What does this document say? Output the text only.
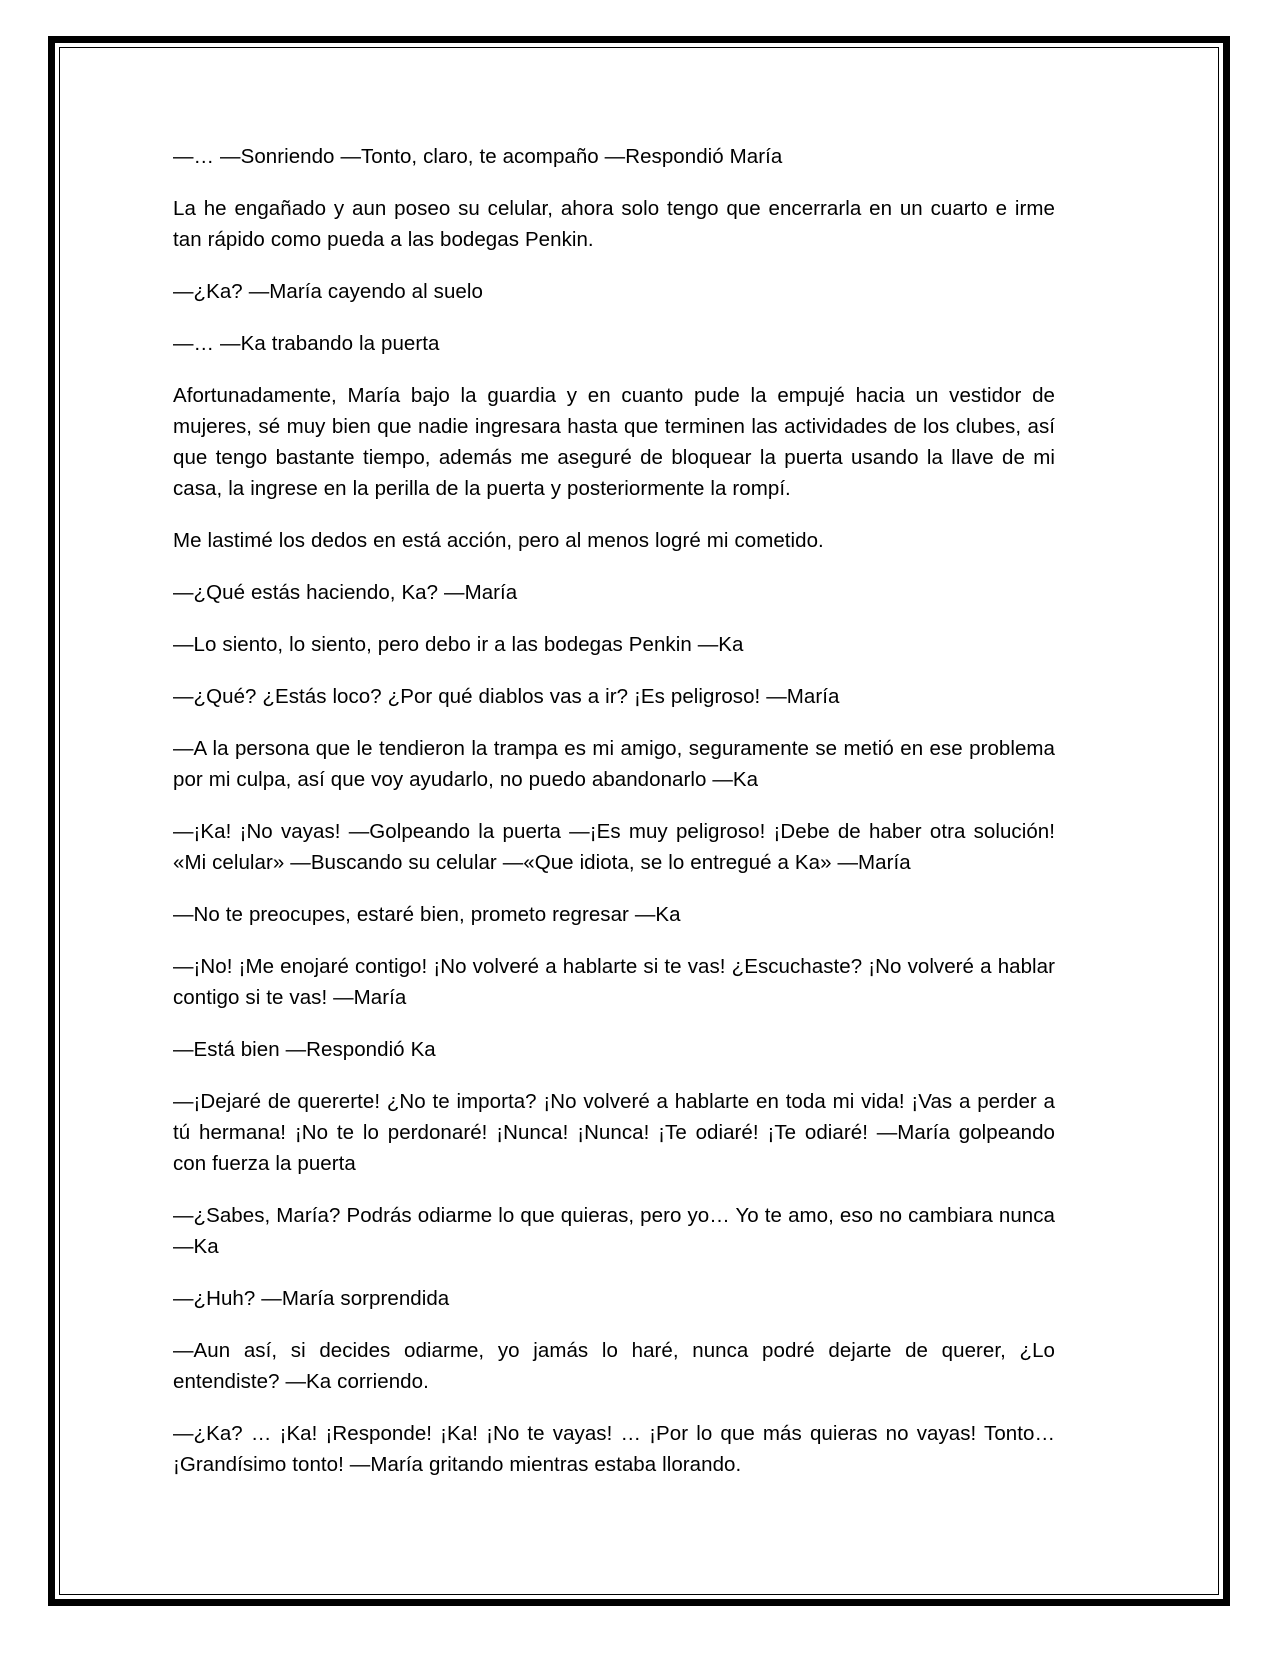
—… —Sonriendo —Tonto, claro, te acompaño —Respondió María

La he engañado y aun poseo su celular, ahora solo tengo que encerrarla en un cuarto e irme tan rápido como pueda a las bodegas Penkin.

—¿Ka? —María cayendo al suelo

—… —Ka trabando la puerta

Afortunadamente, María bajo la guardia y en cuanto pude la empujé hacia un vestidor de mujeres, sé muy bien que nadie ingresara hasta que terminen las actividades de los clubes, así que tengo bastante tiempo, además me aseguré de bloquear la puerta usando la llave de mi casa, la ingrese en la perilla de la puerta y posteriormente la rompí.

Me lastimé los dedos en está acción, pero al menos logré mi cometido.

—¿Qué estás haciendo, Ka? —María

—Lo siento, lo siento, pero debo ir a las bodegas Penkin —Ka

—¿Qué? ¿Estás loco? ¿Por qué diablos vas a ir? ¡Es peligroso! —María

—A la persona que le tendieron la trampa es mi amigo, seguramente se metió en ese problema por mi culpa, así que voy ayudarlo, no puedo abandonarlo —Ka

—¡Ka! ¡No vayas! —Golpeando la puerta —¡Es muy peligroso! ¡Debe de haber otra solución! «Mi celular» —Buscando su celular —«Que idiota, se lo entregué a Ka» —María

—No te preocupes, estaré bien, prometo regresar —Ka

—¡No! ¡Me enojaré contigo! ¡No volveré a hablarte si te vas! ¿Escuchaste? ¡No volveré a hablar contigo si te vas! —María

—Está bien —Respondió Ka

—¡Dejaré de quererte! ¿No te importa? ¡No volveré a hablarte en toda mi vida! ¡Vas a perder a tú hermana! ¡No te lo perdonaré! ¡Nunca! ¡Nunca! ¡Te odiaré! ¡Te odiaré! —María golpeando con fuerza la puerta

—¿Sabes, María? Podrás odiarme lo que quieras, pero yo… Yo te amo, eso no cambiara nunca —Ka

—¿Huh? —María sorprendida

—Aun así, si decides odiarme, yo jamás lo haré, nunca podré dejarte de querer, ¿Lo entendiste? —Ka corriendo.

—¿Ka? … ¡Ka! ¡Responde! ¡Ka! ¡No te vayas! … ¡Por lo que más quieras no vayas! Tonto… ¡Grandísimo tonto! —María gritando mientras estaba llorando.
